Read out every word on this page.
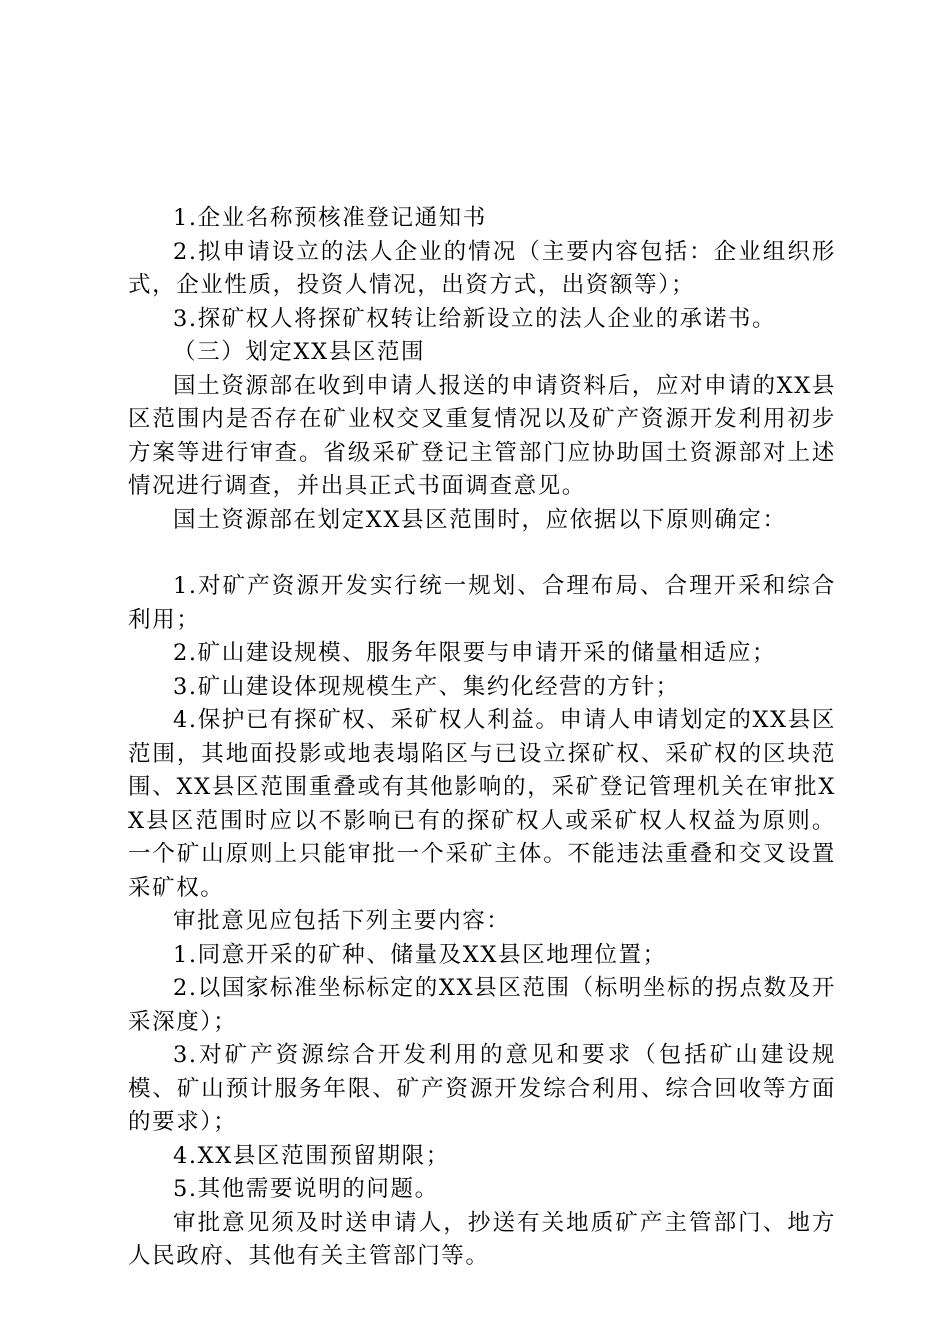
1.企业名称预核准登记通知书

2.拟申请设立的法人企业的情况（主要内容包括：企业组织形式，企业性质，投资人情况，出资方式，出资额等）；

3.探矿权人将探矿权转让给新设立的法人企业的承诺书。

（三）划定XX县区范围

国土资源部在收到申请人报送的申请资料后，应对申请的XX县区范围内是否存在矿业权交叉重复情况以及矿产资源开发利用初步方案等进行审查。省级采矿登记主管部门应协助国土资源部对上述情况进行调查，并出具正式书面调查意见。

国土资源部在划定XX县区范围时，应依据以下原则确定：

1.对矿产资源开发实行统一规划、合理布局、合理开采和综合利用；

2.矿山建设规模、服务年限要与申请开采的储量相适应；

3.矿山建设体现规模生产、集约化经营的方针；

4.保护已有探矿权、采矿权人利益。申请人申请划定的XX县区范围，其地面投影或地表塌陷区与已设立探矿权、采矿权的区块范围、XX县区范围重叠或有其他影响的，采矿登记管理机关在审批XX县区范围时应以不影响已有的探矿权人或采矿权人权益为原则。一个矿山原则上只能审批一个采矿主体。不能违法重叠和交叉设置采矿权。

审批意见应包括下列主要内容：

1.同意开采的矿种、储量及XX县区地理位置；

2.以国家标准坐标标定的XX县区范围（标明坐标的拐点数及开采深度）；

3.对矿产资源综合开发利用的意见和要求（包括矿山建设规模、矿山预计服务年限、矿产资源开发综合利用、综合回收等方面的要求）；

4.XX县区范围预留期限；

5.其他需要说明的问题。

审批意见须及时送申请人，抄送有关地质矿产主管部门、地方人民政府、其他有关主管部门等。
